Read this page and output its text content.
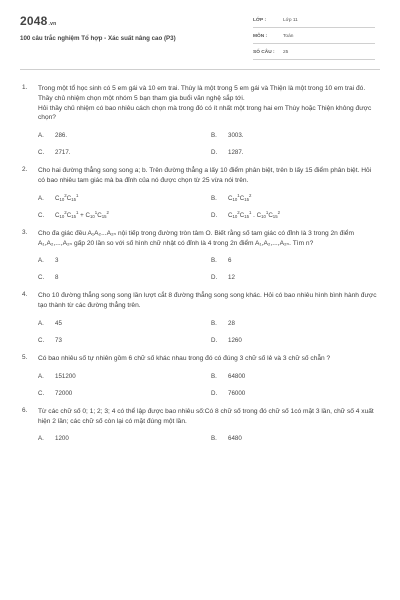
2048.vn
100 câu trắc nghiệm Tổ hợp - Xác suất nâng cao (P3)
LỚP :	Lớp 11
MÔN :	Toán
SỐ CÂU : 25
1. Trong một tổ học sinh có 5 em gái và 10 em trai. Thùy là một trong 5 em gái và Thiện là một trong 10 em trai đó. Thầy chủ nhiệm chọn một nhóm 5 bạn tham gia buổi văn nghệ sắp tới.
Hỏi thầy chủ nhiệm có bao nhiêu cách chọn mà trong đó có ít nhất một trong hai em Thùy hoặc Thiện không được chọn?
A. 286.	B. 3003.
C. 2717.	D. 1287.
2. Cho hai đường thẳng song song a; b. Trên đường thẳng a lấy 10 điểm phân biệt, trên b lấy 15 điểm phân biệt. Hỏi có bao nhiêu tam giác mà ba đỉnh của nó được chọn từ 25 vừa nói trên.
A. $C_{10}^2C_{15}^1$	B. $C_{10}^1C_{15}^2$
C. $C_{10}^2C_{15}^1 + C_{10}^1C_{15}^2$	D. $C_{10}^2C_{15}^1$ . $C_{10}^1C_{15}^2$
3. Cho đa giác đều A₁A₂...A₂ₙ nội tiếp trong đường tròn tâm O. Biết rằng số tam giác có đỉnh là 3 trong 2n điểm A₁,A₂,...,A₂ₙ gấp 20 lần so với số hình chữ nhật có đỉnh là 4 trong 2n điểm A₁,A₂,...,A₂ₙ. Tìm n?
A. 3	B. 6
C. 8	D. 12
4. Cho 10 đường thẳng song song lần lượt cắt 8 đường thẳng song song khác. Hỏi có bao nhiêu hình bình hành được tạo thành từ các đường thẳng trên.
A. 45	B. 28
C. 73	D. 1260
5. Có bao nhiêu số tự nhiên gồm 6 chữ số khác nhau trong đó có đúng 3 chữ số lẻ và 3 chữ số chẵn ?
A. 151200	B. 64800
C. 72000	D. 76000
6. Từ các chữ số 0; 1; 2; 3; 4 có thể lập được bao nhiêu số:Có 8 chữ số trong đó chữ số 1có mặt 3 lần, chữ số 4 xuất hiện 2 lần; các chữ số còn lại có mặt đúng một lần.
A. 1200	B. 6480
